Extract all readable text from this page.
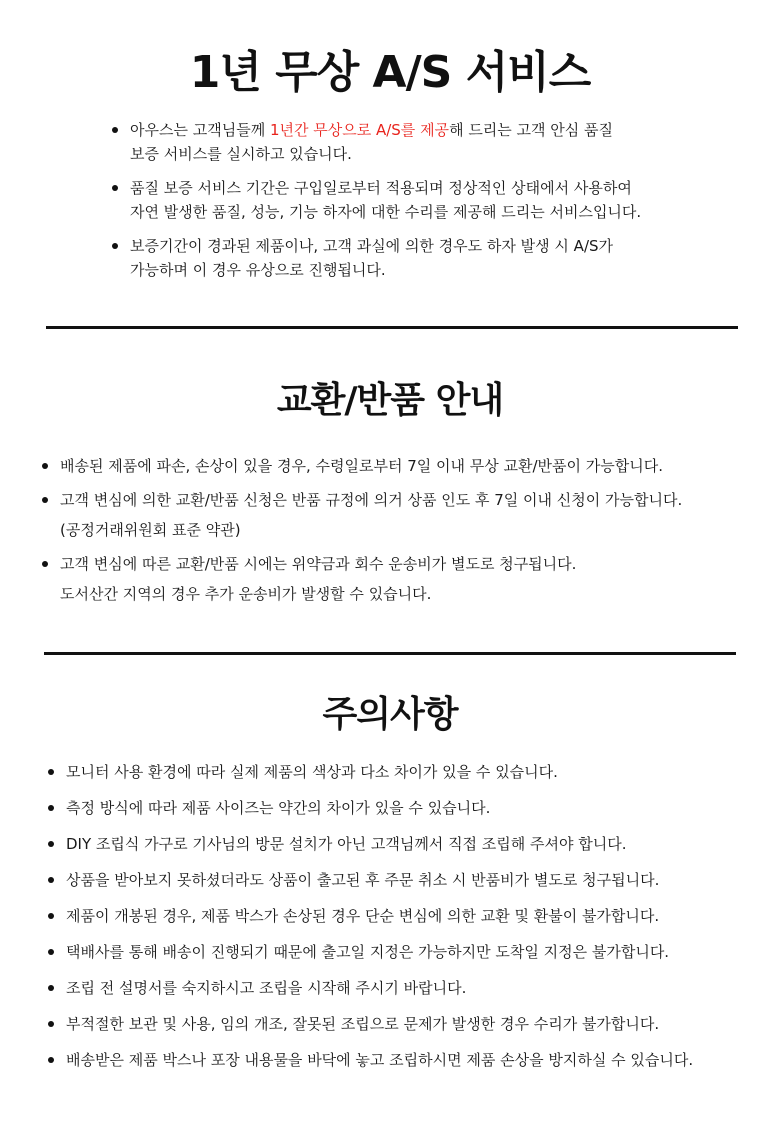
1년 무상 A/S 서비스
아우스는 고객님들께 1년간 무상으로 A/S를 제공해 드리는 고객 안심 품질
보증 서비스를 실시하고 있습니다.
품질 보증 서비스 기간은 구입일로부터 적용되며 정상적인 상태에서 사용하여
자연 발생한 품질, 성능, 기능 하자에 대한 수리를 제공해 드리는 서비스입니다.
보증기간이 경과된 제품이나, 고객 과실에 의한 경우도 하자 발생 시 A/S가
가능하며 이 경우 유상으로 진행됩니다.
교환/반품 안내
배송된 제품에 파손, 손상이 있을 경우, 수령일로부터 7일 이내 무상 교환/반품이 가능합니다.
고객 변심에 의한 교환/반품 신청은 반품 규정에 의거 상품 인도 후 7일 이내 신청이 가능합니다.
(공정거래위원회 표준 약관)
고객 변심에 따른 교환/반품 시에는 위약금과 회수 운송비가 별도로 청구됩니다.
도서산간 지역의 경우 추가 운송비가 발생할 수 있습니다.
주의사항
모니터 사용 환경에 따라 실제 제품의 색상과 다소 차이가 있을 수 있습니다.
측정 방식에 따라 제품 사이즈는 약간의 차이가 있을 수 있습니다.
DIY 조립식 가구로 기사님의 방문 설치가 아닌 고객님께서 직접 조립해 주셔야 합니다.
상품을 받아보지 못하셨더라도 상품이 출고된 후 주문 취소 시 반품비가 별도로 청구됩니다.
제품이 개봉된 경우, 제품 박스가 손상된 경우 단순 변심에 의한 교환 및 환불이 불가합니다.
택배사를 통해 배송이 진행되기 때문에 출고일 지정은 가능하지만 도착일 지정은 불가합니다.
조립 전 설명서를 숙지하시고 조립을 시작해 주시기 바랍니다.
부적절한 보관 및 사용, 임의 개조, 잘못된 조립으로 문제가 발생한 경우 수리가 불가합니다.
배송받은 제품 박스나 포장 내용물을 바닥에 놓고 조립하시면 제품 손상을 방지하실 수 있습니다.
